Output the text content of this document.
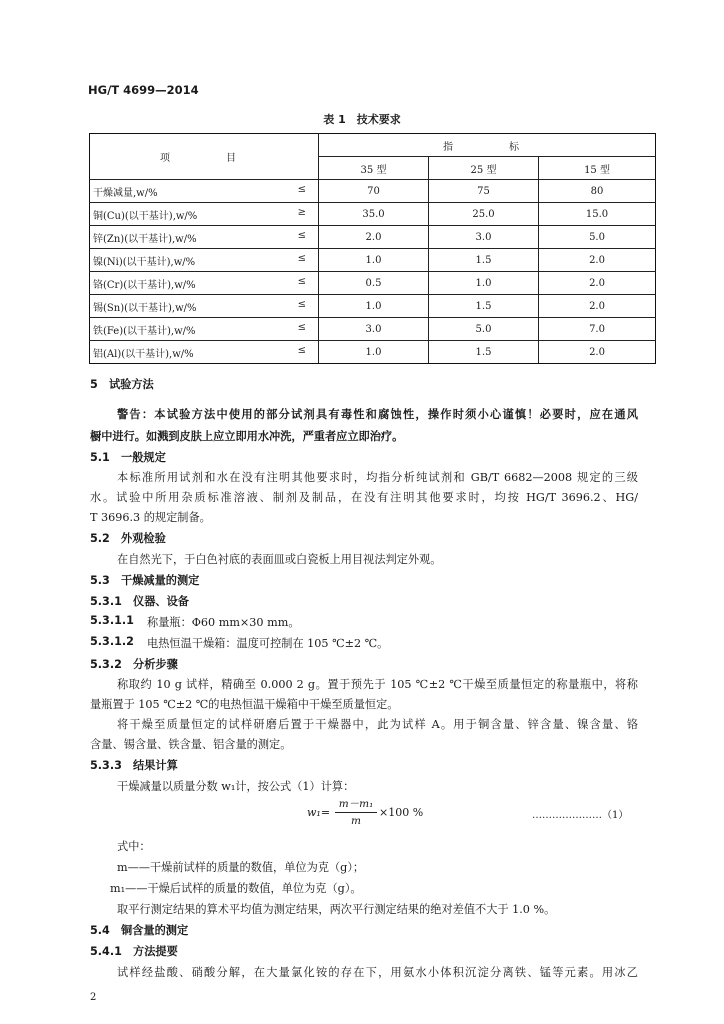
HG/T 4699—2014
表 1　技术要求
项　　目	指　　标		
	35 型	25 型	15 型
干燥减量,w/% ≤	70	75	80
铜(Cu)(以干基计),w/% ≥	35.0	25.0	15.0
锌(Zn)(以干基计),w/% ≤	2.0	3.0	5.0
镍(Ni)(以干基计),w/% ≤	1.0	1.5	2.0
铬(Cr)(以干基计),w/% ≤	0.5	1.0	2.0
锡(Sn)(以干基计),w/% ≤	1.0	1.5	2.0
铁(Fe)(以干基计),w/% ≤	3.0	5.0	7.0
铝(Al)(以干基计),w/% ≤	1.0	1.5	2.0
5　试验方法
警告：本试验方法中使用的部分试剂具有毒性和腐蚀性，操作时须小心谨慎！必要时，应在通风
橱中进行。如溅到皮肤上应立即用水冲洗，严重者应立即治疗。
5.1　一般规定
本标准所用试剂和水在没有注明其他要求时，均指分析纯试剂和 GB/T 6682—2008 规定的三级
水。试验中所用杂质标准溶液、制剂及制品，在没有注明其他要求时，均按 HG/T 3696.2、HG/
T 3696.3 的规定制备。
5.2　外观检验
在自然光下，于白色衬底的表面皿或白瓷板上用目视法判定外观。
5.3　干燥减量的测定
5.3.1　仪器、设备
5.3.1.1 称量瓶：Φ60 mm×30 mm。
5.3.1.2 电热恒温干燥箱：温度可控制在 105 ℃±2 ℃。
5.3.2　分析步骤
称取约 10 g 试样，精确至 0.000 2 g。置于预先于 105 ℃±2 ℃干燥至质量恒定的称量瓶中，将称
量瓶置于 105 ℃±2 ℃的电热恒温干燥箱中干燥至质量恒定。
将干燥至质量恒定的试样研磨后置于干燥器中，此为试样 A。用于铜含量、锌含量、镍含量、铬
含量、锡含量、铁含量、铝含量的测定。
5.3.3　结果计算
干燥减量以质量分数 w₁计，按公式（1）计算：
w₁=
m－m₁
m
×100 %	…………………（1）
式中：
m——干燥前试样的质量的数值，单位为克（g）；
m₁——干燥后试样的质量的数值，单位为克（g）。
取平行测定结果的算术平均值为测定结果，两次平行测定结果的绝对差值不大于 1.0 %。
5.4　铜含量的测定
5.4.1　方法提要
试样经盐酸、硝酸分解，在大量氯化铵的存在下，用氨水小体积沉淀分离铁、锰等元素。用冰乙
2
